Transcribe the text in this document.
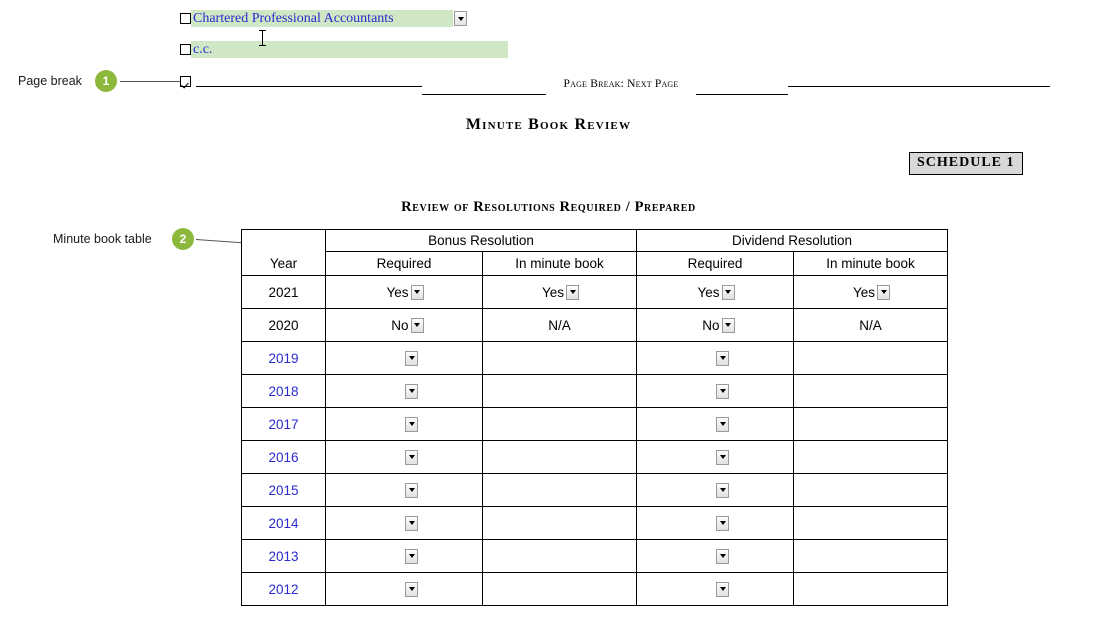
Page break	1
Minute book table	2
Chartered Professional Accountants
c.c.
Page Break: Next Page
Minute Book Review
SCHEDULE 1
Review of Resolutions Required / Prepared
	Bonus Resolution		Dividend Resolution	
Year	Required	In minute book	Required	In minute book
2021	Yes	Yes	Yes	Yes

2020	No	N/A	No	N/A
2019	

2018	

2017	

2016	

2015	

2014	

2013	

2012	
